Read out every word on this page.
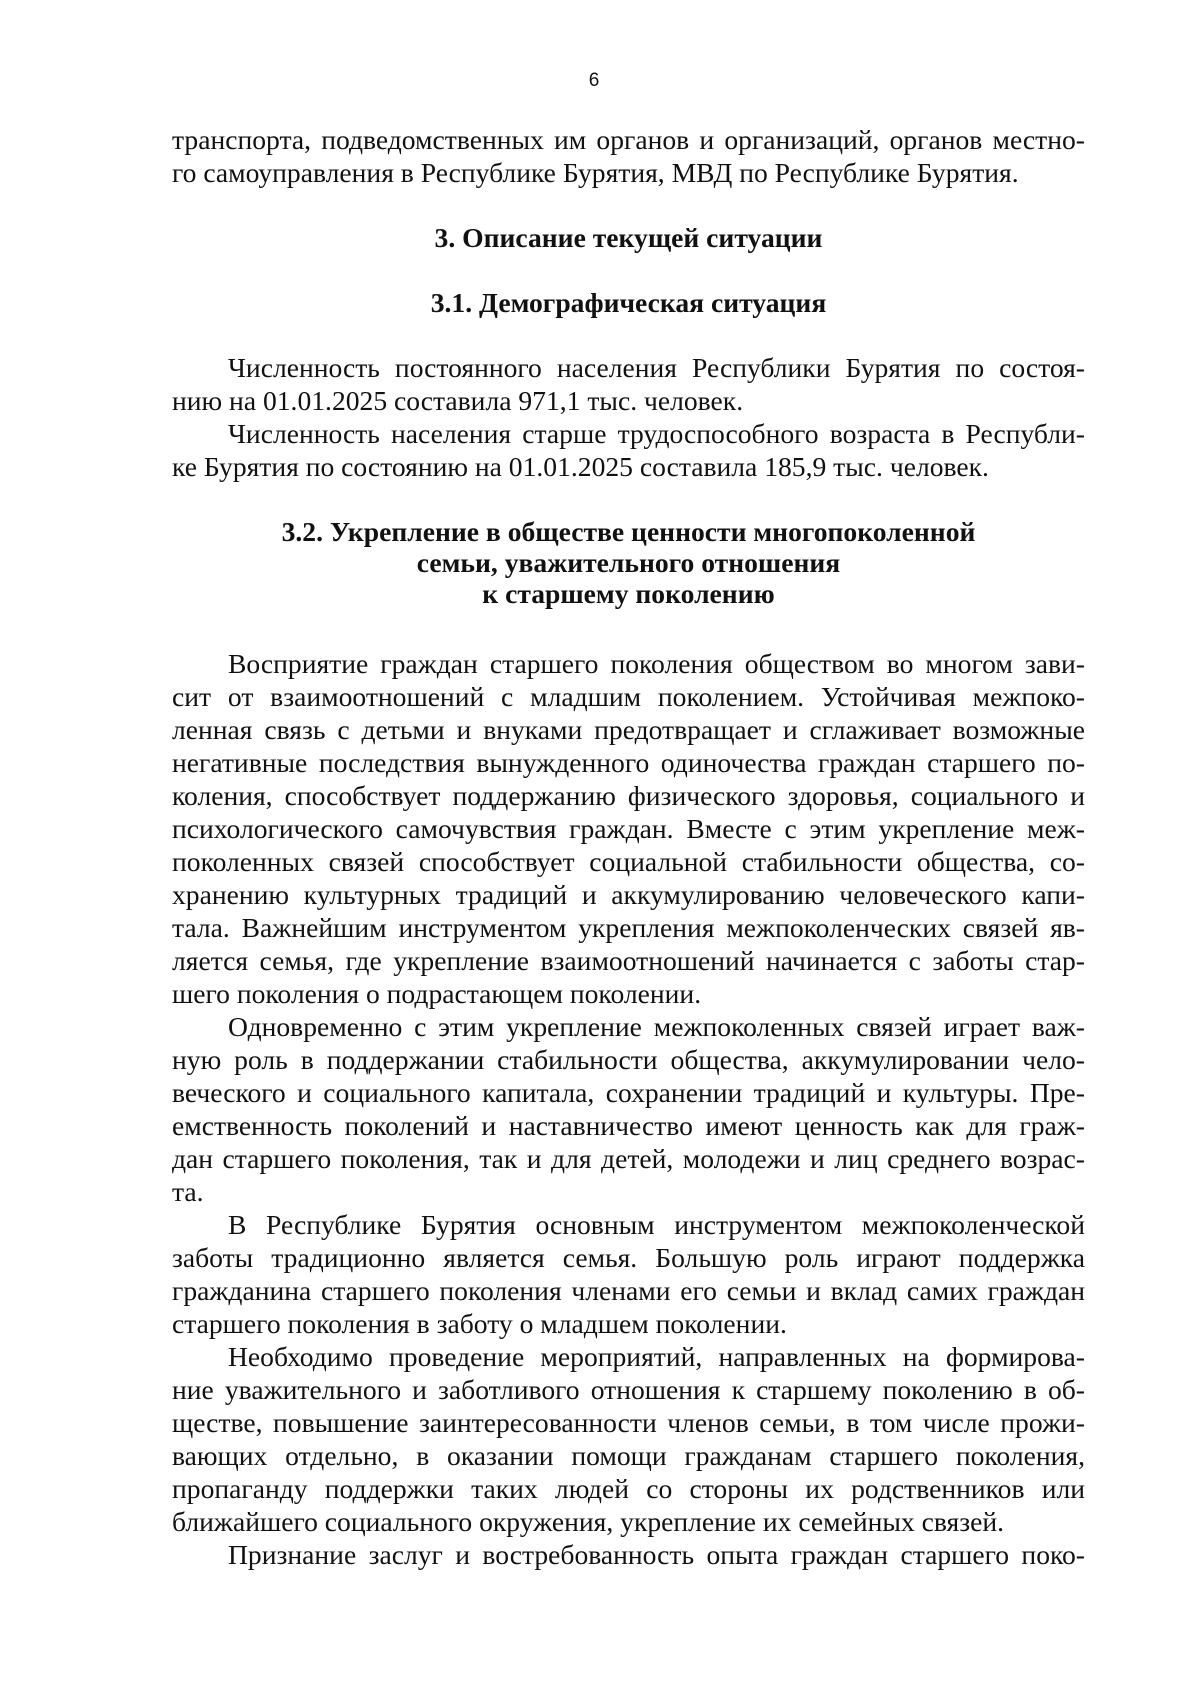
6
транспорта, подведомственных им органов и организаций, органов местно-
го самоуправления в Республике Бурятия, МВД по Республике Бурятия.
3. Описание текущей ситуации
3.1. Демографическая ситуация
Численность постоянного населения Республики Бурятия по состоя-
нию на 01.01.2025 составила 971,1 тыс. человек.
Численность населения старше трудоспособного возраста в Республи-
ке Бурятия по состоянию на 01.01.2025 составила 185,9 тыс. человек.
3.2. Укрепление в обществе ценности многопоколенной
семьи, уважительного отношения
к старшему поколению
Восприятие граждан старшего поколения обществом во многом зави-
сит от взаимоотношений с младшим поколением. Устойчивая межпоко-
ленная связь с детьми и внуками предотвращает и сглаживает возможные
негативные последствия вынужденного одиночества граждан старшего по-
коления, способствует поддержанию физического здоровья, социального и
психологического самочувствия граждан. Вместе с этим укрепление меж-
поколенных связей способствует социальной стабильности общества, со-
хранению культурных традиций и аккумулированию человеческого капи-
тала. Важнейшим инструментом укрепления межпоколенческих связей яв-
ляется семья, где укрепление взаимоотношений начинается с заботы стар-
шего поколения о подрастающем поколении.
Одновременно с этим укрепление межпоколенных связей играет важ-
ную роль в поддержании стабильности общества, аккумулировании чело-
веческого и социального капитала, сохранении традиций и культуры. Пре-
емственность поколений и наставничество имеют ценность как для граж-
дан старшего поколения, так и для детей, молодежи и лиц среднего возрас-
та.
В Республике Бурятия основным инструментом межпоколенческой
заботы традиционно является семья. Большую роль играют поддержка
гражданина старшего поколения членами его семьи и вклад самих граждан
старшего поколения в заботу о младшем поколении.
Необходимо проведение мероприятий, направленных на формирова-
ние уважительного и заботливого отношения к старшему поколению в об-
ществе, повышение заинтересованности членов семьи, в том числе прожи-
вающих отдельно, в оказании помощи гражданам старшего поколения,
пропаганду поддержки таких людей со стороны их родственников или
ближайшего социального окружения, укрепление их семейных связей.
Признание заслуг и востребованность опыта граждан старшего поко-
